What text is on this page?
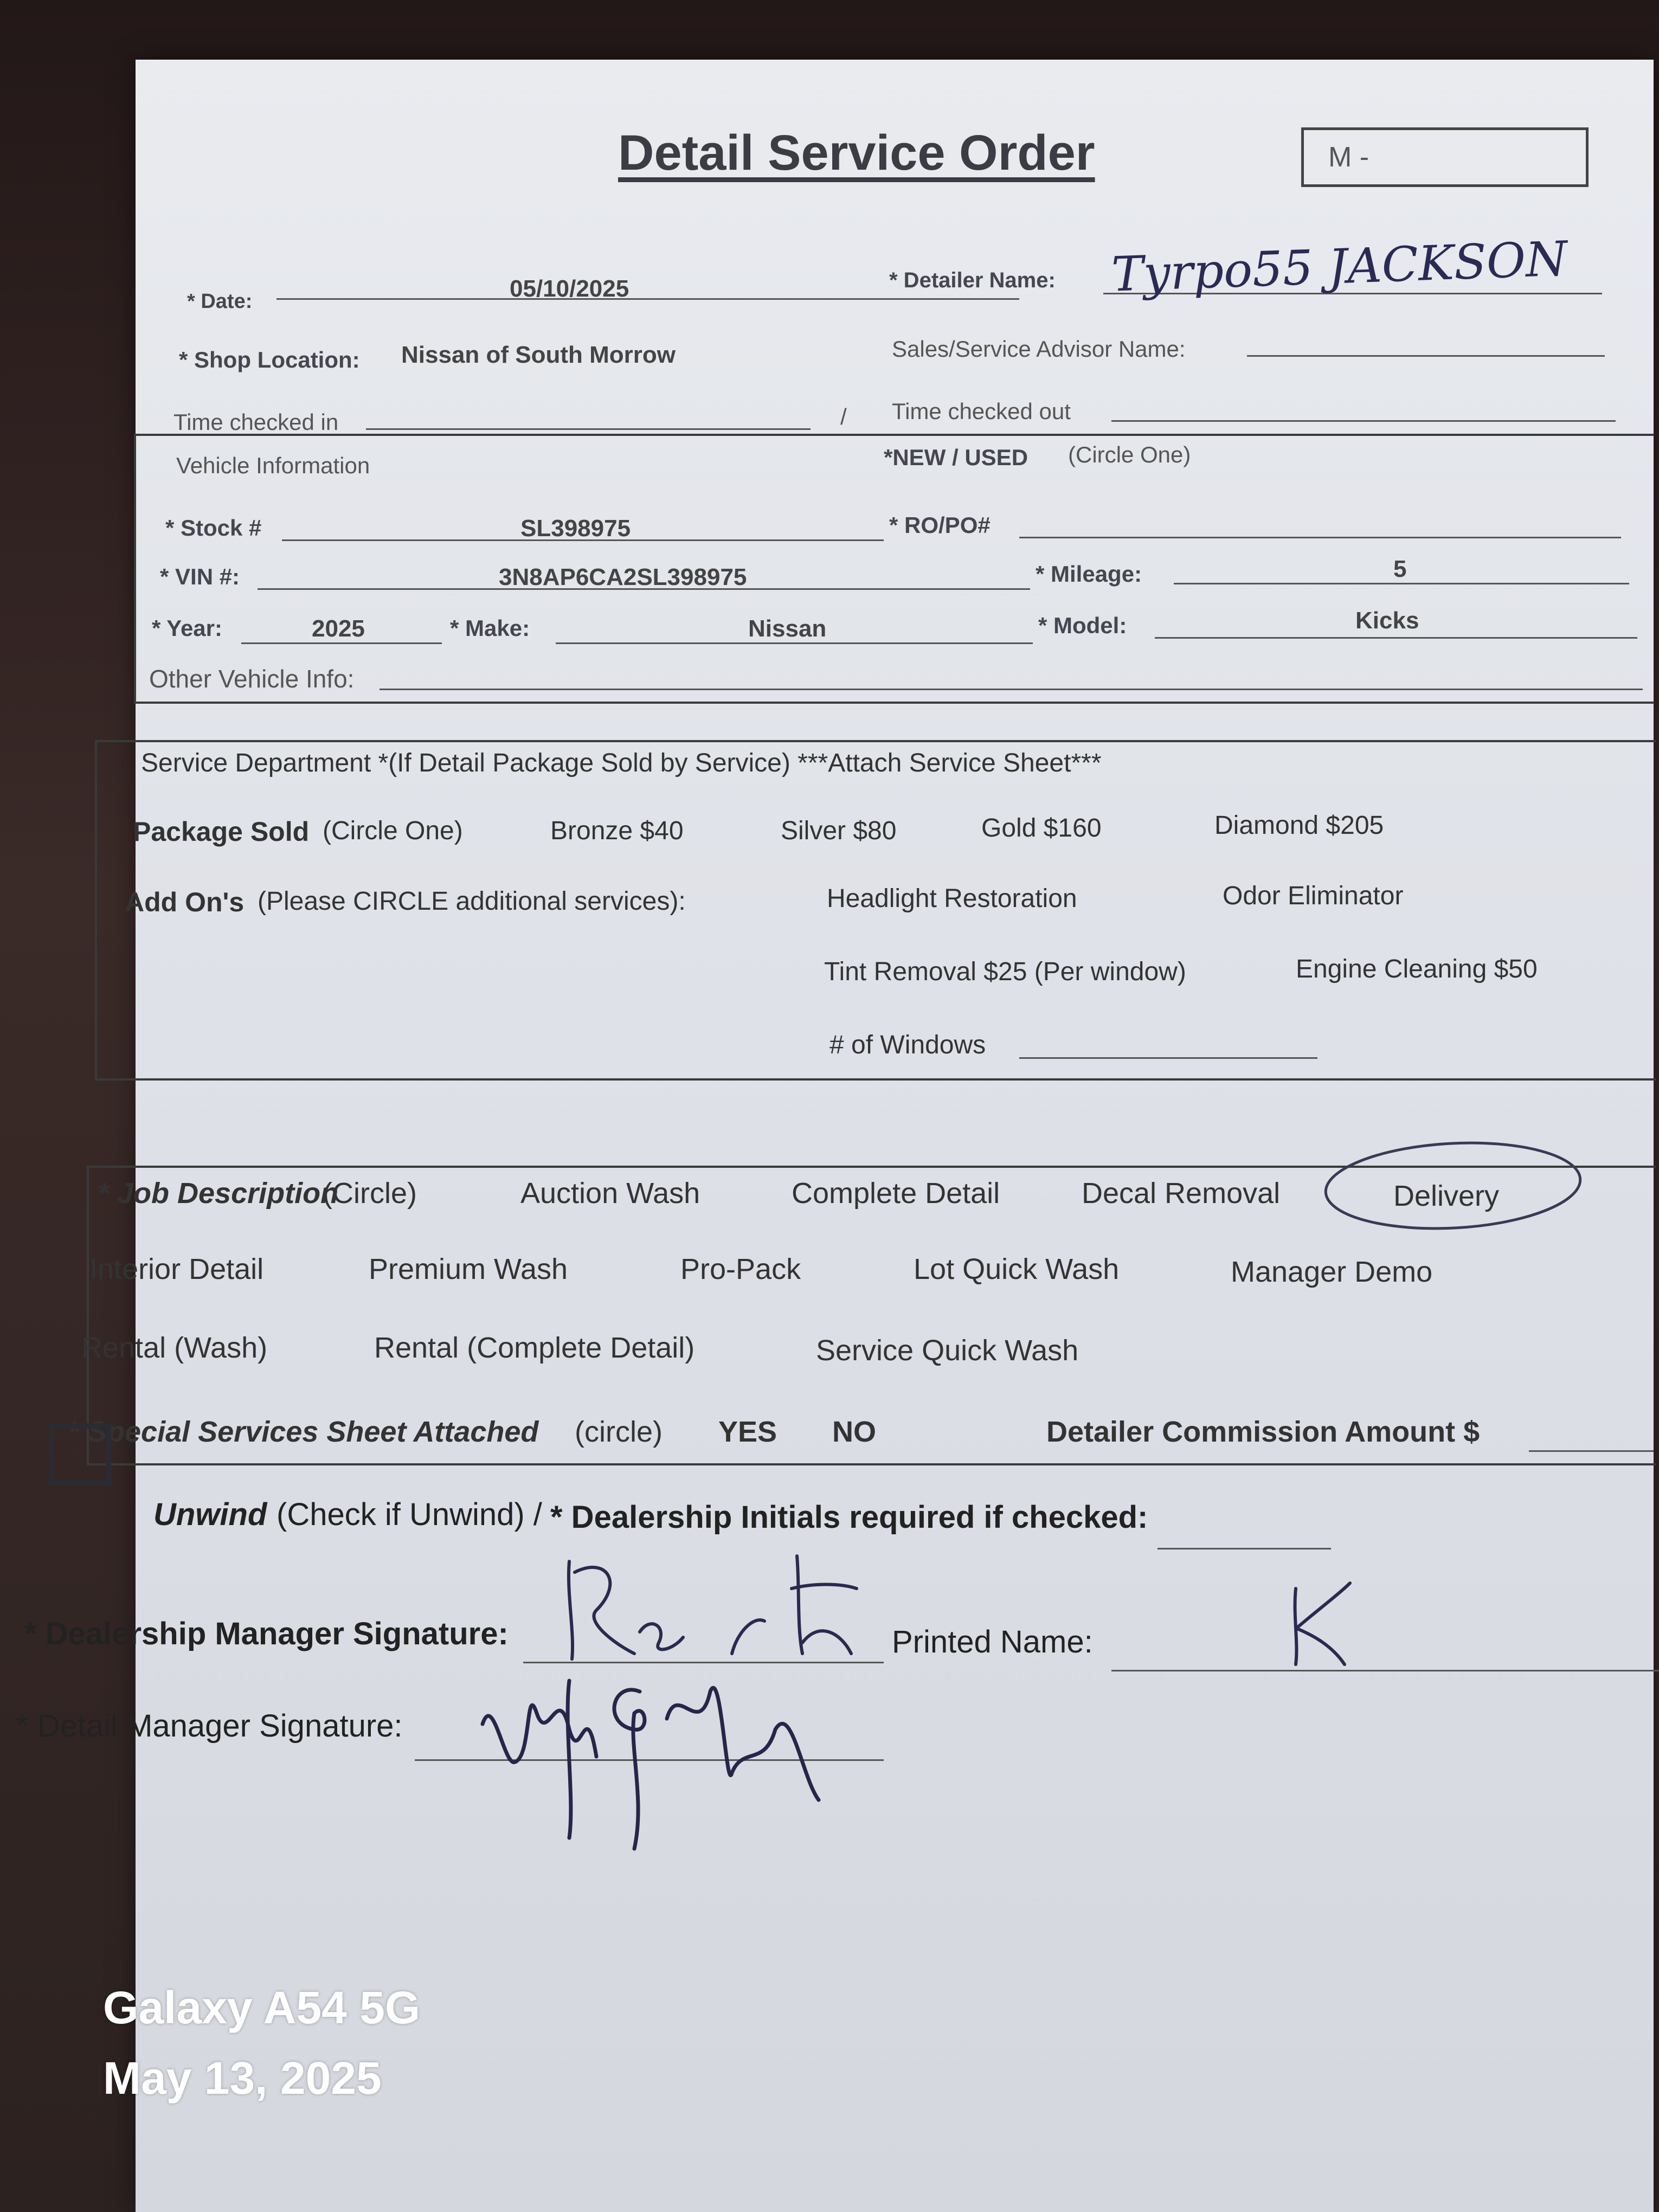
Detail Service Order	M -
* Date:	05/10/2025	* Detailer Name: Tyrpo55 JACKSON
* Shop Location: Nissan of South Morrow	Sales/Service Advisor Name:
Time checked in	/ Time checked out
Vehicle Information	*NEW / USED (Circle One)
* Stock #	SL398975	* RO/PO#
* VIN #:	3N8AP6CA2SL398975	* Mileage:	5
* Year:	2025	* Make:	Nissan	* Model:	Kicks
Other Vehicle Info:
Service Department *(If Detail Package Sold by Service) ***Attach Service Sheet***
Package Sold (Circle One)	Bronze $40	Silver $80	Gold $160	Diamond $205
Add On's (Please CIRCLE additional services):	Headlight Restoration	Odor Eliminator
Tint Removal $25 (Per window)	Engine Cleaning $50
# of Windows
* Job Description
(Circle)	Auction Wash	Complete Detail	Decal Removal	Delivery
Interior Detail	Premium Wash	Pro-Pack	Lot Quick Wash	Manager Demo
Rental (Wash)	Rental (Complete Detail)	Service Quick Wash
* Special Services Sheet Attached (circle) YES NO	Detailer Commission Amount $
Unwind (Check if Unwind) / * Dealership Initials required if checked:
* Dealership Manager Signature:	Printed Name:
* Detail Manager Signature:
Galaxy A54 5G
May 13, 2025
